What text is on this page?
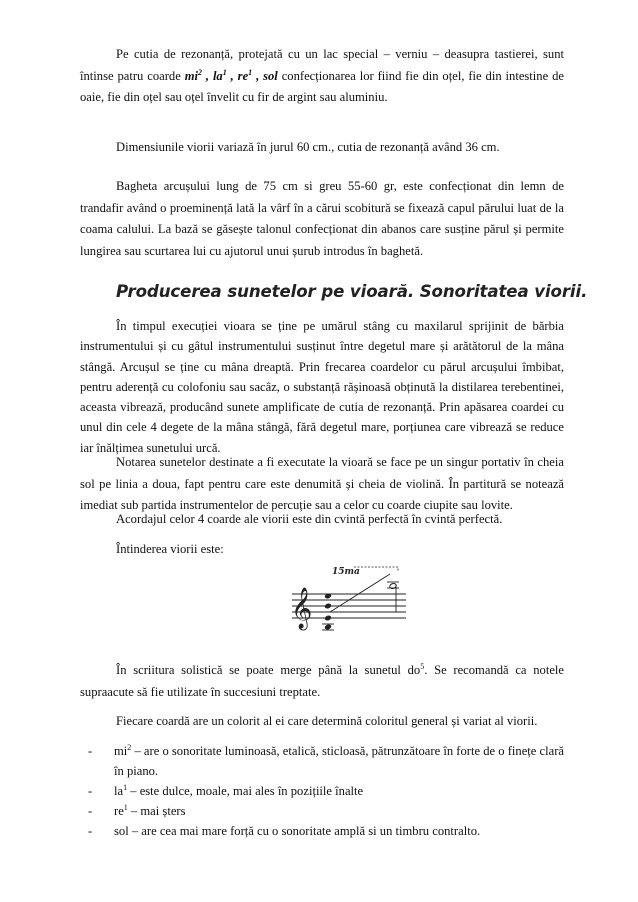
Pe cutia de rezonanță, protejată cu un lac special – verniu – deasupra tastierei, sunt întinse patru coarde $mi^2$ , $la^1$ , $re^1$ , sol confecționarea lor fiind fie din oțel, fie din intestine de oaie, fie din oțel sau oțel învelit cu fir de argint sau aluminiu.

Dimensiunile viorii variază în jurul 60 cm., cutia de rezonanță având 36 cm.

Bagheta arcușului lung de 75 cm si greu 55-60 gr, este confecționat din lemn de trandafir având o proeminență lată la vârf în a cărui scobitură se fixează capul părului luat de la coama calului. La bază se găsește talonul confecționat din abanos care susține părul și permite lungirea sau scurtarea lui cu ajutorul unui șurub introdus în baghetă.

Producerea sunetelor pe vioară. Sonoritatea viorii.

În timpul execuției vioara se ține pe umărul stâng cu maxilarul sprijinit de bărbia instrumentului și cu gâtul instrumentului susținut între degetul mare și arătătorul de la mâna stângă. Arcușul se ține cu mâna dreaptă. Prin frecarea coardelor cu părul arcușului îmbibat, pentru aderență cu colofoniu sau sacâz, o substanță rășinoasă obținută la distilarea terebentinei, aceasta vibrează, producând sunete amplificate de cutia de rezonanță. Prin apăsarea coardei cu unul din cele 4 degete de la mâna stângă, fără degetul mare, porțiunea care vibrează se reduce iar înălțimea sunetului urcă.

Notarea sunetelor destinate a fi executate la vioară se face pe un singur portativ în cheia sol pe linia a doua, fapt pentru care este denumită și cheia de violină. În partitură se notează imediat sub partida instrumentelor de percuție sau a celor cu coarde ciupite sau lovite.

Acordajul celor 4 coarde ale viorii este din cvintă perfectă în cvintă perfectă.

Întinderea viorii este:

𝄞
15ma

În scriitura solistică se poate merge până la sunetul $do^5$. Se recomandă ca notele supraacute să fie utilizate în succesiuni treptate.

Fiecare coardă are un colorit al ei care determină coloritul general și variat al viorii.

- $mi^2$ – are o sonoritate luminoasă, etalică, sticloasă, pătrunzătoare în forte de o finețe clară în piano.
- $la^1$ – este dulce, moale, mai ales în pozițiile înalte
- $re^1$ – mai șters
- sol – are cea mai mare forță cu o sonoritate amplă si un timbru contralto.
